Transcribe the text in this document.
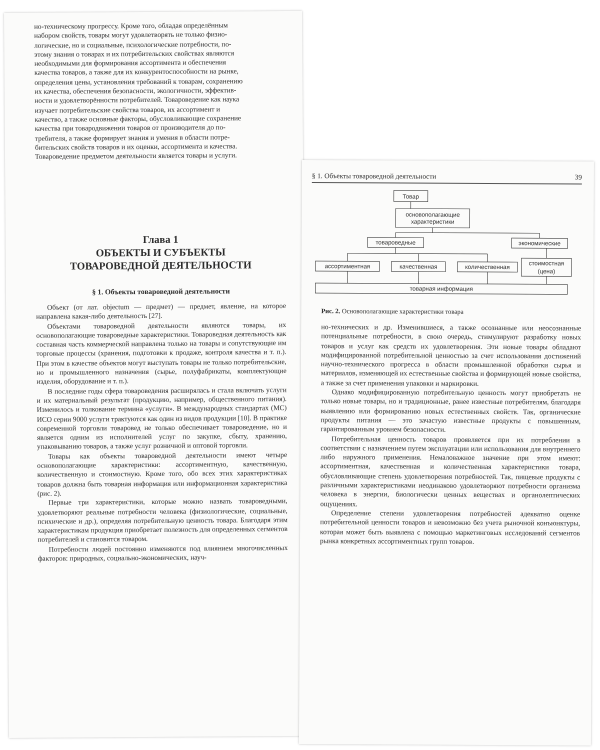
но-техническому прогрессу. Кроме того, обладая определённым

набором свойств, товары могут удовлетворять не только физио-

логические, но и социальные, психологические потребности, по-

этому знания о товарах и их потребительских свойствах являются

необходимыми для формирования ассортимента и обеспечения

качества товаров, а также для их конкурентоспособности на рынке,

определения цены, установления требований к товарам, сохранению

их качества, обеспечения безопасности, экологичности, эффектив-

ности и удовлетворённости потребителей. Товароведение как наука

изучает потребительские свойства товаров, их ассортимент и

качество, а также основные факторы, обусловливающие сохранение

качества при товародвижении товаров от производителя до по-

требителя, а также формирует знания и умения в области потре-

бительских свойств товаров и их оценки, ассортимента и качества.

Товароведение предметом деятельности является товары и услуги.

Глава 1
ОБЪЕКТЫ И СУБЪЕКТЫ
ТОВАРОВЕДНОЙ ДЕЯТЕЛЬНОСТИ
§ 1. Объекты товароведной деятельности

Объект (от лат. objectum — предмет) — предмет, явление, на которое направлена какая-либо деятельность [27].

Объектами товароведной деятельности являются товары, их основополагающие товароведные характеристики. Товароведная деятельность как составная часть коммерческой направлена только на товары и сопутствующие им торговые процессы (хранения, подготовки к продаже, контроля качества и т. п.). При этом в качестве объектов могут выступать товары не только потребительские, но и промышленного назначения (сырье, полуфабрикаты, комплектующие изделия, оборудование и т. п.).

В последние годы сфера товароведения расширялась и стала включать услуги и их материальный результат (продукцию, например, общественного питания). Изменилось и толкование термина «услуги». В международных стандартах (МС) ИСО серии 9000 услуги трактуются как один из видов продукции [10]. В практике современной торговли товаровед не только обеспечивает товароведение, но и является одним из исполнителей услуг по закупке, сбыту, хранению, упаковыванию товаров, а также услуг розничной и оптовой торговли.

Товары как объекты товароведной деятельности имеют четыре основополагающие характеристики: ассортиментную, качественную, количественную и стоимостную. Кроме того, обо всех этих характеристиках товаров должна быть товарная информация или информационная характеристика (рис. 2).

Первые три характеристики, которые можно назвать товароведными, удовлетворяют реальные потребности человека (физиологические, социальные, психические и др.), определяя потребительную ценность товара. Благодаря этим характеристикам продукция приобретает полезность для определенных сегментов потребителей и становится товаром.

Потребности людей постоянно изменяются под влиянием многочисленных факторов: природных, социально-экономических, науч-

§ 1. Объекты товароведной деятельности	39
Товар
основополагающие
характеристики
товароведные	экономические
ассортиментная	качественная	количественная
стоимостная
(цена)
товарная информация
Рис. 2. Основополагающие характеристики товара

но-технических и др. Изменившиеся, а также осознанные или неосознанные потенциальные потребности, в свою очередь, стимулируют разработку новых товаров и услуг как средств их удовлетворения. Эти новые товары обладают модифицированной потребительной ценностью за счет использования достижений научно-технического прогресса в области промышленной обработки сырья и материалов, изменяющей их естественные свойства и формирующей новые свойства, а также за счет применения упаковки и маркировки.

Однако модифицированную потребительную ценность могут приобретать не только новые товары, но и традиционные, ранее известные потребителям, благодаря выявлению или формированию новых естественных свойств. Так, органические продукты питания — это зачастую известные продукты с повышенным, гарантированным уровнем безопасности.

Потребительная ценность товаров проявляется при их потреблении в соответствии с назначением путем эксплуатации или использования для внутреннего либо наружного применения. Немаловажное значение при этом имеют: ассортиментная, качественная и количественная характеристики товара, обусловливающие степень удовлетворения потребностей. Так, пищевые продукты с различными характеристиками неодинаково удовлетворяют потребности организма человека в энергии, биологически ценных веществах и органолептических ощущениях.

Определение степени удовлетворения потребностей адекватно оценке потребительной ценности товаров и невозможно без учета рыночной конъюнктуры, которая может быть выявлена с помощью маркетинговых исследований сегментов рынка конкретных ассортиментных групп товаров.
